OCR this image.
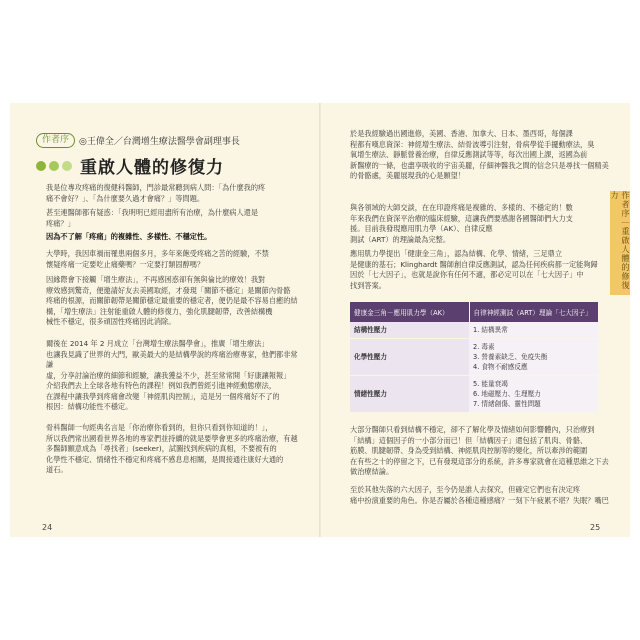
作者序	◎王偉全／台灣增生療法醫學會副理事長
重啟人體的修復力

我是位專攻疼痛的復健科醫師，門診最常聽到病人問：「為什麼我的疼
痛不會好？」、「為什麼要久過才會痛？」等問題。

甚至連醫師都有疑惑：「我明明已經用盡所有治療，為什麼病人還是
疼痛？」

因為不了解「疼痛」的複雜性、多樣性、不穩定性。

大學時，我因車禍而罹患兩個多月，多年來飽受疼痛之苦的經驗，不禁
懷疑疼痛一定要吃止痛藥嗎？一定要打類固醇嗎？

因緣際會下接觸「增生療法」，不再感困惑卻有無與倫比的療效！我對
療效感到驚奇，便邀請好友去美國取經，才發現「關節不穩定」是關節內骨骼
疼痛的根源，而關節韌帶是關節穩定最重要的穩定者，便仍是最不容易自癒的結
構，「增生療法」注射能重啟人體的修復力，強化肌腱韌帶，改善結構機
械性不穩定，很多頑固性疼痛因此消除。

爾後在 2014 年 2 月成立「台灣增生療法醫學會」，推廣「增生療法」
也讓我見識了世界的大門，歐美最大的是結構學說的疼痛治療專家，他們都非常謙
虛，分享討論治療的細節和經驗，讓我獲益不少，甚至常常開「好康讓報報」
介紹我們去上全球各地有特色的課程！例如我們曾經引進神經動態療法，
在課程中讓我學到疼痛會改變「神經肌肉控制」，這是另一個疼痛好不了的
根因：結構功能性不穩定。

骨科醫師一句經典名言是「你治療你看到的，但你只看到你知道的！」，
所以我們常出國看世界各地的專家們並持續的就是要學會更多的疼痛治療，有越
多醫師願意成為「尋找者」(seeker)，試圖找到疾病的真相，不要被有的
化學性不穩定、情緒性不穩定和疼痛不感息息相關，是間接通往康好大通的
道石。

24

於是我經驗過出國進修，美國、香港、加拿大、日本、墨西哥，每個課
程都有嘆息資深：神經增生療法、結骨波導引注射，骨病學從手擺動療法，臭
氧增生療法、靜脈營養治療，自律反應測試等等，每次出國上課，返國為前
新醫療的一條，也盡享吸收的宇宙美麗，仔細神醫我之間的信念只是尋找一個精美的骨骼處，美麗展現我的心是願望！

與各領域的大師交談，在在印證疼痛是複雜的、多樣的、不穩定的！數
年來我們在資深平治療的臨床經驗，這讓我們要感謝各國醫師們大力支
援。目前我發現應用肌力學（AK）、自律反應
測試（ART）的理論最為完整。

應用肌力學提出「健康金三角」，認為結構、化學、情緒，三足鼎立
是健康的基石；Klinghardt 醫師創自律反應測試，認為任何疾病都一定能夠歸
因於「七大因子」，也就是說你有任何不適，都必定可以在「七大因子」中
找到答案。

健康金三角－應用肌力學（AK）	自律神經測試（ART）理論「七大因子」
結構性壓力	1. 結構異常
化學性壓力	2. 毒素
3. 營養素缺乏、免疫失衡
4. 食物不耐感反應
情緒性壓力	5. 能量衰竭
6. 地磁壓力、生理壓力
7. 情緒創傷、靈性問題

大部分醫師只看到結構不穩定，卻不了解化學及情緒如何影響體內，只治療到
「結構」這個因子的一小部分而已！但「結構因子」還包括了肌肉、骨骼、
筋膜、肌腱韌帶、身為受到結構、神經肌肉控制等的變化，所以牽涉的範圍
在有些之十的停留之下，已有發現這部分的系統，許多專家就會在這種思維之下去做治療結論。

至於其他失落的六大因子，至今仍是誰人去探究，但確定它們也有決定疼
痛中扮演重要的角色。你是否屬於各種這種感痛？一刻下午疲累不堪？失眠？嘴巴

25
作者序｜重啟人體的修復力
